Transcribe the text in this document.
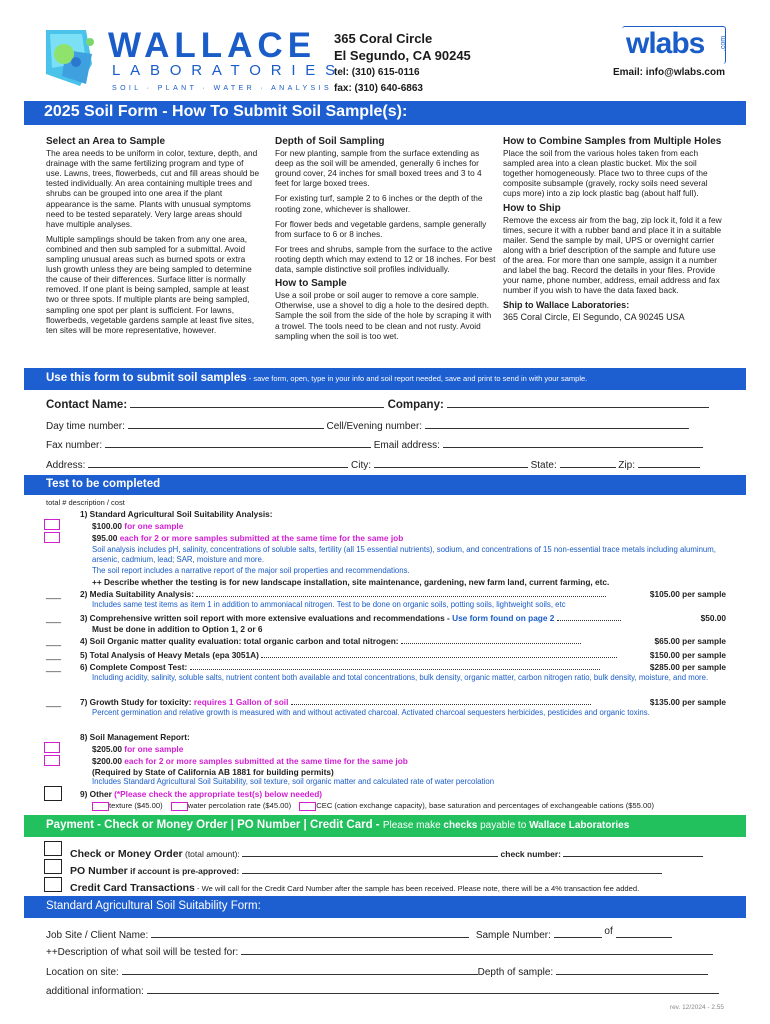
WALLACE
LABORATORIES
SOIL · PLANT · WATER · ANALYSIS
365 Coral Circle
El Segundo, CA 90245
tel: (310) 615-0116
fax: (310) 640-6863
wlabs .com
Email: info@wlabs.com
2025 Soil Form - How To Submit Soil Sample(s):
Select an Area to Sample

The area needs to be uniform in color, texture, depth, and drainage with the same fertilizing program and type of use. Lawns, trees, flowerbeds, cut and fill areas should be tested individually. An area containing multiple trees and shrubs can be grouped into one area if the plant appearance is the same. Plants with unusual symptoms need to be tested separately. Very large areas should have multiple analyses.

Multiple samplings should be taken from any one area, combined and then sub sampled for a submittal. Avoid sampling unusual areas such as burned spots or extra lush growth unless they are being sampled to determine the cause of their differences. Surface litter is normally removed. If one plant is being sampled, sample at least two or three spots. If multiple plants are being sampled, sampling one spot per plant is sufficient. For lawns, flowerbeds, vegetable gardens sample at least five sites, ten sites will be more representative, however.

Depth of Soil Sampling

For new planting, sample from the surface extending as deep as the soil will be amended, generally 6 inches for ground cover, 24 inches for small boxed trees and 3 to 4 feet for large boxed trees.

For existing turf, sample 2 to 6 inches or the depth of the rooting zone, whichever is shallower.

For flower beds and vegetable gardens, sample generally from surface to 6 or 8 inches.

For trees and shrubs, sample from the surface to the active rooting depth which may extend to 12 or 18 inches. For best data, sample distinctive soil profiles individually.

How to Sample

Use a soil probe or soil auger to remove a core sample. Otherwise, use a shovel to dig a hole to the desired depth. Sample the soil from the side of the hole by scraping it with a trowel. The tools need to be clean and not rusty. Avoid sampling when the soil is too wet.

How to Combine Samples from Multiple Holes

Place the soil from the various holes taken from each sampled area into a clean plastic bucket. Mix the soil together homogeneously. Place two to three cups of the composite subsample (gravely, rocky soils need several cups more) into a zip lock plastic bag (about half full).

How to Ship

Remove the excess air from the bag, zip lock it, fold it a few times, secure it with a rubber band and place it in a suitable mailer. Send the sample by mail, UPS or overnight carrier along with a brief description of the sample and future use of the area. For more than one sample, assign it a number and label the bag. Record the details in your files. Provide your name, phone number, address, email address and fax number if you wish to have the data faxed back.

Ship to Wallace Laboratories:

365 Coral Circle, El Segundo, CA 90245 USA

Use this form to submit soil samples - save form, open, type in your info and soil report needed, save and print to send in with your sample.
Contact Name:	Company:
Day time number:	Cell/Evening number:
Fax number:	Email address:
Address:	City:	State:	Zip:
Test to be completed
total # description / cost
1) Standard Agricultural Soil Suitability Analysis:
$100.00 for one sample
$95.00 each for 2 or more samples submitted at the same time for the same job
Soil analysis includes pH, salinity, concentrations of soluble salts, fertility (all 15 essential nutrients), sodium, and concentrations of 15 non-essential trace metals including aluminum, arsenic, cadmium, lead; SAR, moisture and more.
The soil report includes a narrative report of the major soil properties and recommendations.
++ Describe whether the testing is for new landscape installation, site maintenance, gardening, new farm land, current farming, etc.
___ 2) Media Suitability Analysis:	$105.00 per sample
Includes same test items as item 1 in addition to ammoniacal nitrogen. Test to be done on organic soils, potting soils, lightweight soils, etc
___ 3) Comprehensive written soil report with more extensive evaluations and recommendations - Use form found on page 2	$50.00
Must be done in addition to Option 1, 2 or 6
___ 4) Soil Organic matter quality evaluation: total organic carbon and total nitrogen:	$65.00 per sample
___ 5) Total Analysis of Heavy Metals (epa 3051A)	$150.00 per sample
___ 6) Complete Compost Test:	$285.00 per sample
Including acidity, salinity, soluble salts, nutrient content both available and total concentrations, bulk density, organic matter, carbon nitrogen ratio, bulk density, moisture, and more.
___ 7) Growth Study for toxicity: requires 1 Gallon of soil	$135.00 per sample
Percent germination and relative growth is measured with and without activated charcoal. Activated charcoal sequesters herbicides, pesticides and organic toxins.
8) Soil Management Report:
$205.00 for one sample
$200.00 each for 2 or more samples submitted at the same time for the same job
(Required by State of California AB 1881 for building permits)
Includes Standard Agricultural Soil Suitability, soil texture, soil organic matter and calculated rate of water percolation
9) Other (*Please check the appropriate test(s) below needed)
texture ($45.00)	water percolation rate ($45.00)	CEC (cation exchange capacity), base saturation and percentages of exchangeable cations ($55.00)
Payment - Check or Money Order | PO Number | Credit Card - Please make checks payable to Wallace Laboratories
Check or Money Order (total amount):	check number:
PO Number if account is pre-approved:
Credit Card Transactions - We will call for the Credit Card Number after the sample has been received. Please note, there will be a 4% transaction fee added.
Standard Agricultural Soil Suitability Form:
Job Site / Client Name:	Sample Number:	of
++Description of what soil will be tested for:
Location on site:	Depth of sample:
additional information:
rev. 12/2024 - 2.55
